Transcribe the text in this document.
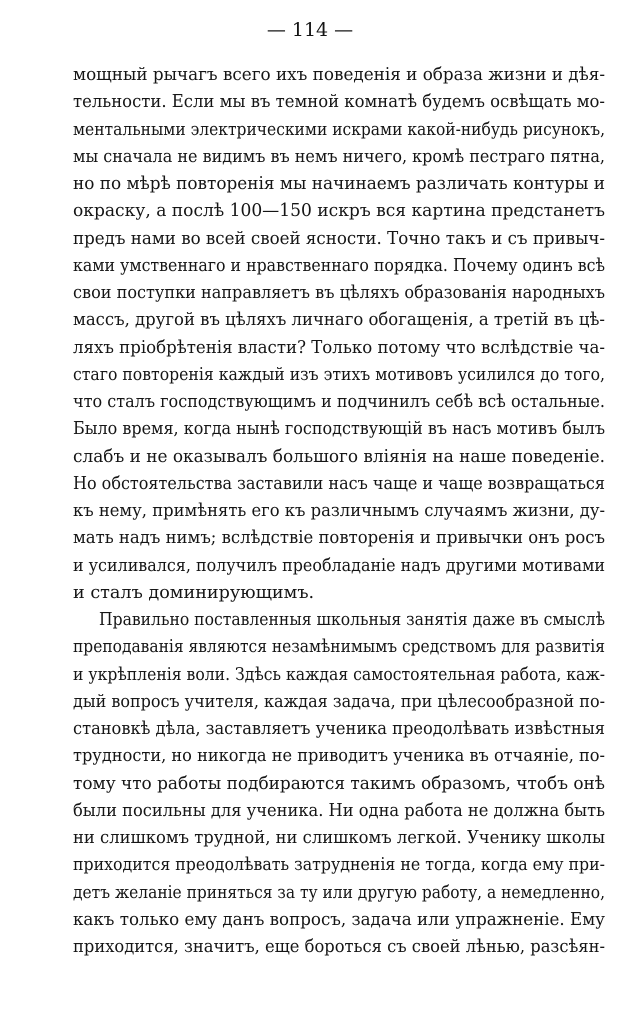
— 114 —
мощный рычагъ всего ихъ поведенія и образа жизни и дѣя-
тельности. Если мы въ темной комнатѣ будемъ освѣщать мо-
ментальными электрическими искрами какой-нибудь рисунокъ,
мы сначала не видимъ въ немъ ничего, кромѣ пестраго пятна,
но по мѣрѣ повторенія мы начинаемъ различать контуры и
окраску, а послѣ 100—150 искръ вся картина предстанетъ
предъ нами во всей своей ясности. Точно такъ и съ привыч-
ками умственнаго и нравственнаго порядка. Почему одинъ всѣ
свои поступки направляетъ въ цѣляхъ образованія народныхъ
массъ, другой въ цѣляхъ личнаго обогащенія, а третій въ цѣ-
ляхъ пріобрѣтенія власти? Только потому что вслѣдствіе ча-
стаго повторенія каждый изъ этихъ мотивовъ усилился до того,
что сталъ господствующимъ и подчинилъ себѣ всѣ остальные.
Было время, когда нынѣ господствующій въ насъ мотивъ былъ
слабъ и не оказывалъ большого вліянія на наше поведеніе.
Но обстоятельства заставили насъ чаще и чаще возвращаться
къ нему, примѣнять его къ различнымъ случаямъ жизни, ду-
мать надъ нимъ; вслѣдствіе повторенія и привычки онъ росъ
и усиливался, получилъ преобладаніе надъ другими мотивами
и сталъ доминирующимъ.
Правильно поставленныя школьныя занятія даже въ смыслѣ
преподаванія являются незамѣнимымъ средствомъ для развитія
и укрѣпленія воли. Здѣсь каждая самостоятельная работа, каж-
дый вопросъ учителя, каждая задача, при цѣлесообразной по-
становкѣ дѣла, заставляетъ ученика преодолѣвать извѣстныя
трудности, но никогда не приводитъ ученика въ отчаяніе, по-
тому что работы подбираются такимъ образомъ, чтобъ онѣ
были посильны для ученика. Ни одна работа не должна быть
ни слишкомъ трудной, ни слишкомъ легкой. Ученику школы
приходится преодолѣвать затрудненія не тогда, когда ему при-
детъ желаніе приняться за ту или другую работу, а немедленно,
какъ только ему данъ вопросъ, задача или упражненіе. Ему
приходится, значитъ, еще бороться съ своей лѣнью, разсѣян-
